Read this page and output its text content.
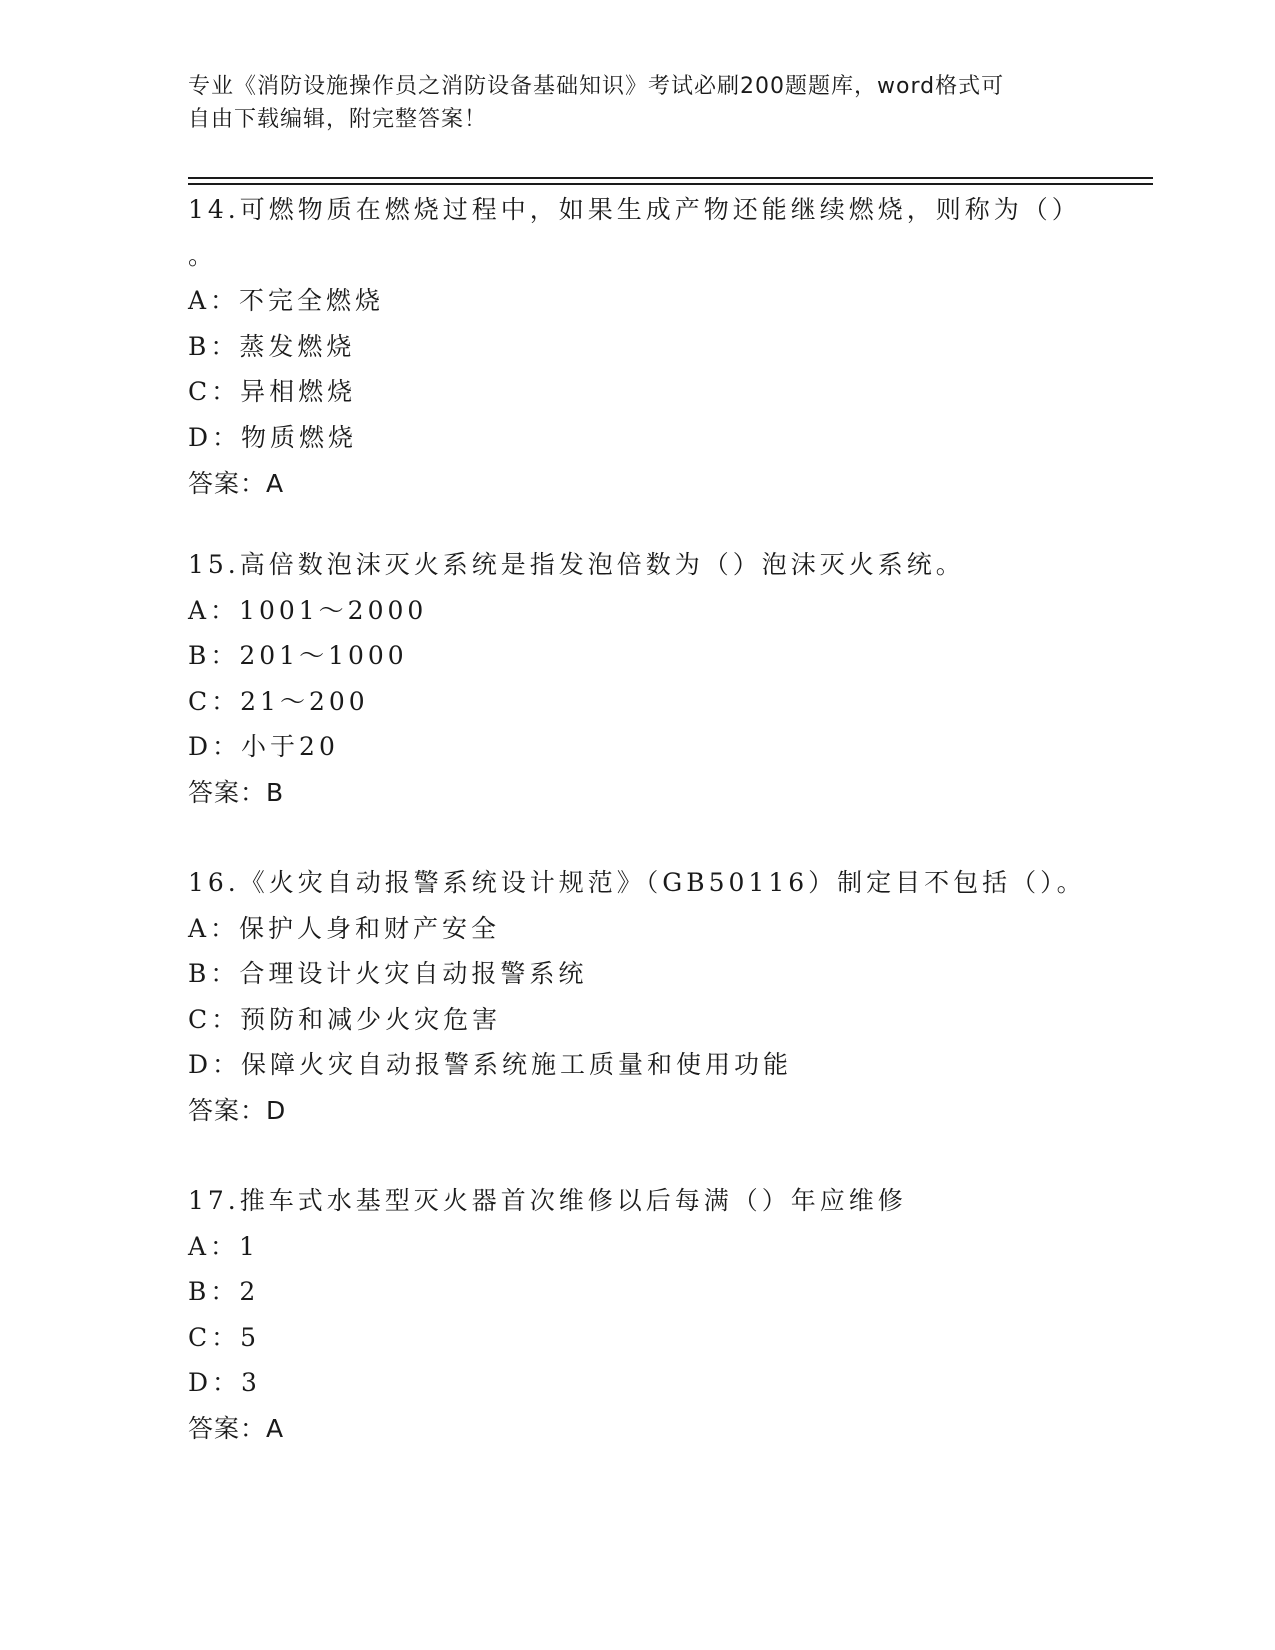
专业《消防设施操作员之消防设备基础知识》考试必刷200题题库，word格式可
自由下载编辑，附完整答案！
14.可燃物质在燃烧过程中，如果生成产物还能继续燃烧，则称为（）
。
A：不完全燃烧
B：蒸发燃烧
C：异相燃烧
D：物质燃烧
答案：A
15.高倍数泡沫灭火系统是指发泡倍数为（）泡沫灭火系统。
A：1001～2000
B：201～1000
C：21～200
D：小于20
答案：B
16.《火灾自动报警系统设计规范》（GB50116）制定目不包括（）。
A：保护人身和财产安全
B：合理设计火灾自动报警系统
C：预防和减少火灾危害
D：保障火灾自动报警系统施工质量和使用功能
答案：D
17.推车式水基型灭火器首次维修以后每满（）年应维修
A：1
B：2
C：5
D：3
答案：A
